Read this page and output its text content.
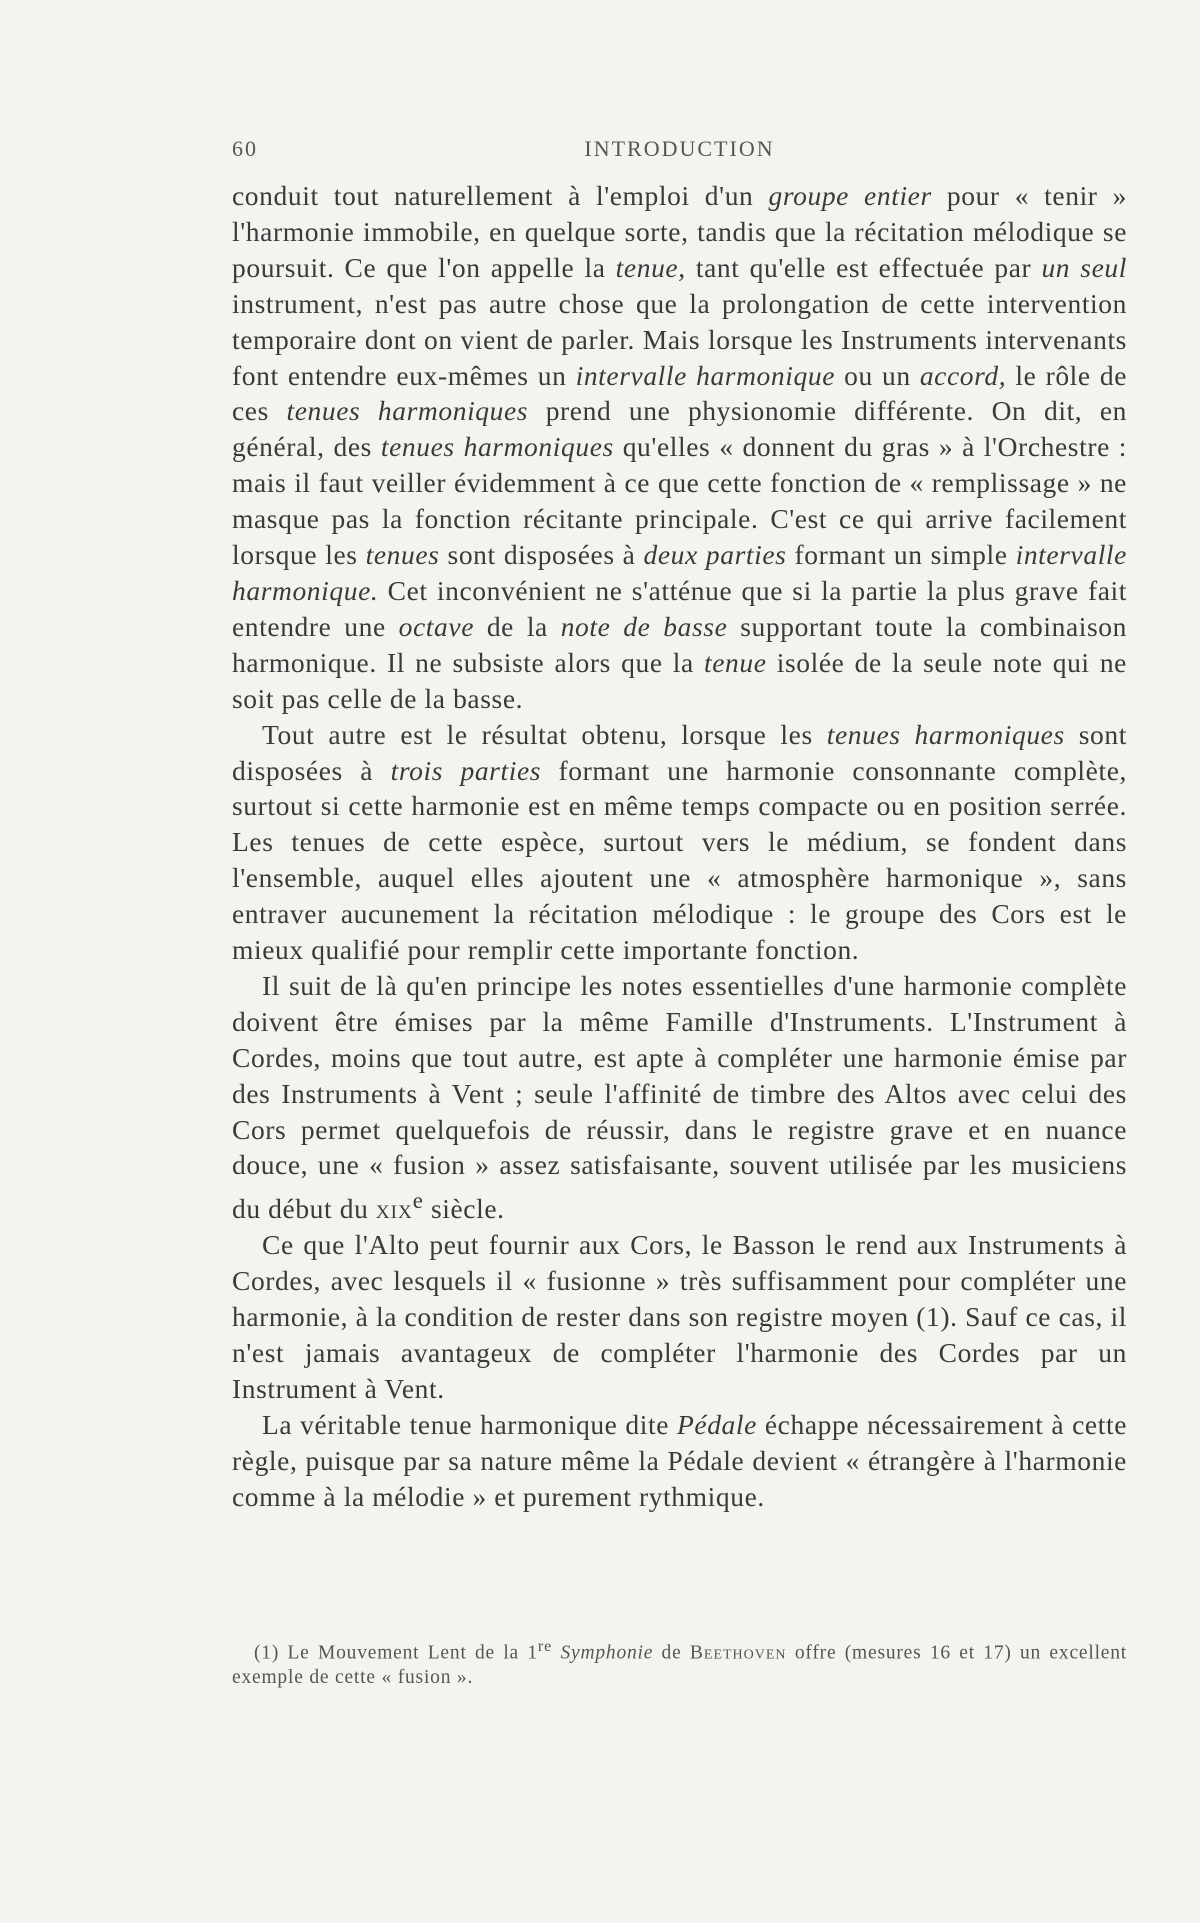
60	INTRODUCTION

conduit tout naturellement à l'emploi d'un groupe entier pour « tenir » l'harmonie immobile, en quelque sorte, tandis que la récitation mélodique se poursuit. Ce que l'on appelle la tenue, tant qu'elle est effectuée par un seul instrument, n'est pas autre chose que la prolongation de cette intervention temporaire dont on vient de parler. Mais lorsque les Instruments intervenants font entendre eux-mêmes un intervalle harmonique ou un accord, le rôle de ces tenues harmoniques prend une physionomie différente. On dit, en général, des tenues harmoniques qu'elles « donnent du gras » à l'Orchestre : mais il faut veiller évidemment à ce que cette fonction de « remplissage » ne masque pas la fonction récitante principale. C'est ce qui arrive facilement lorsque les tenues sont disposées à deux parties formant un simple intervalle harmonique. Cet inconvénient ne s'atténue que si la partie la plus grave fait entendre une octave de la note de basse supportant toute la combinaison harmonique. Il ne subsiste alors que la tenue isolée de la seule note qui ne soit pas celle de la basse.

Tout autre est le résultat obtenu, lorsque les tenues harmoniques sont disposées à trois parties formant une harmonie consonnante complète, surtout si cette harmonie est en même temps compacte ou en position serrée. Les tenues de cette espèce, surtout vers le médium, se fondent dans l'ensemble, auquel elles ajoutent une « atmosphère harmonique », sans entraver aucunement la récitation mélodique : le groupe des Cors est le mieux qualifié pour remplir cette importante fonction.

Il suit de là qu'en principe les notes essentielles d'une harmonie complète doivent être émises par la même Famille d'Instruments. L'Instrument à Cordes, moins que tout autre, est apte à compléter une harmonie émise par des Instruments à Vent ; seule l'affinité de timbre des Altos avec celui des Cors permet quelquefois de réussir, dans le registre grave et en nuance douce, une « fusion » assez satisfaisante, souvent utilisée par les musiciens du début du xix$^e$ siècle.

Ce que l'Alto peut fournir aux Cors, le Basson le rend aux Instruments à Cordes, avec lesquels il « fusionne » très suffisamment pour compléter une harmonie, à la condition de rester dans son registre moyen (1). Sauf ce cas, il n'est jamais avantageux de compléter l'harmonie des Cordes par un Instrument à Vent.

La véritable tenue harmonique dite Pédale échappe nécessairement à cette règle, puisque par sa nature même la Pédale devient « étrangère à l'harmonie comme à la mélodie » et purement rythmique.

(1) Le Mouvement Lent de la 1re Symphonie de Beethoven offre (mesures 16 et 17) un excellent exemple de cette « fusion ».
